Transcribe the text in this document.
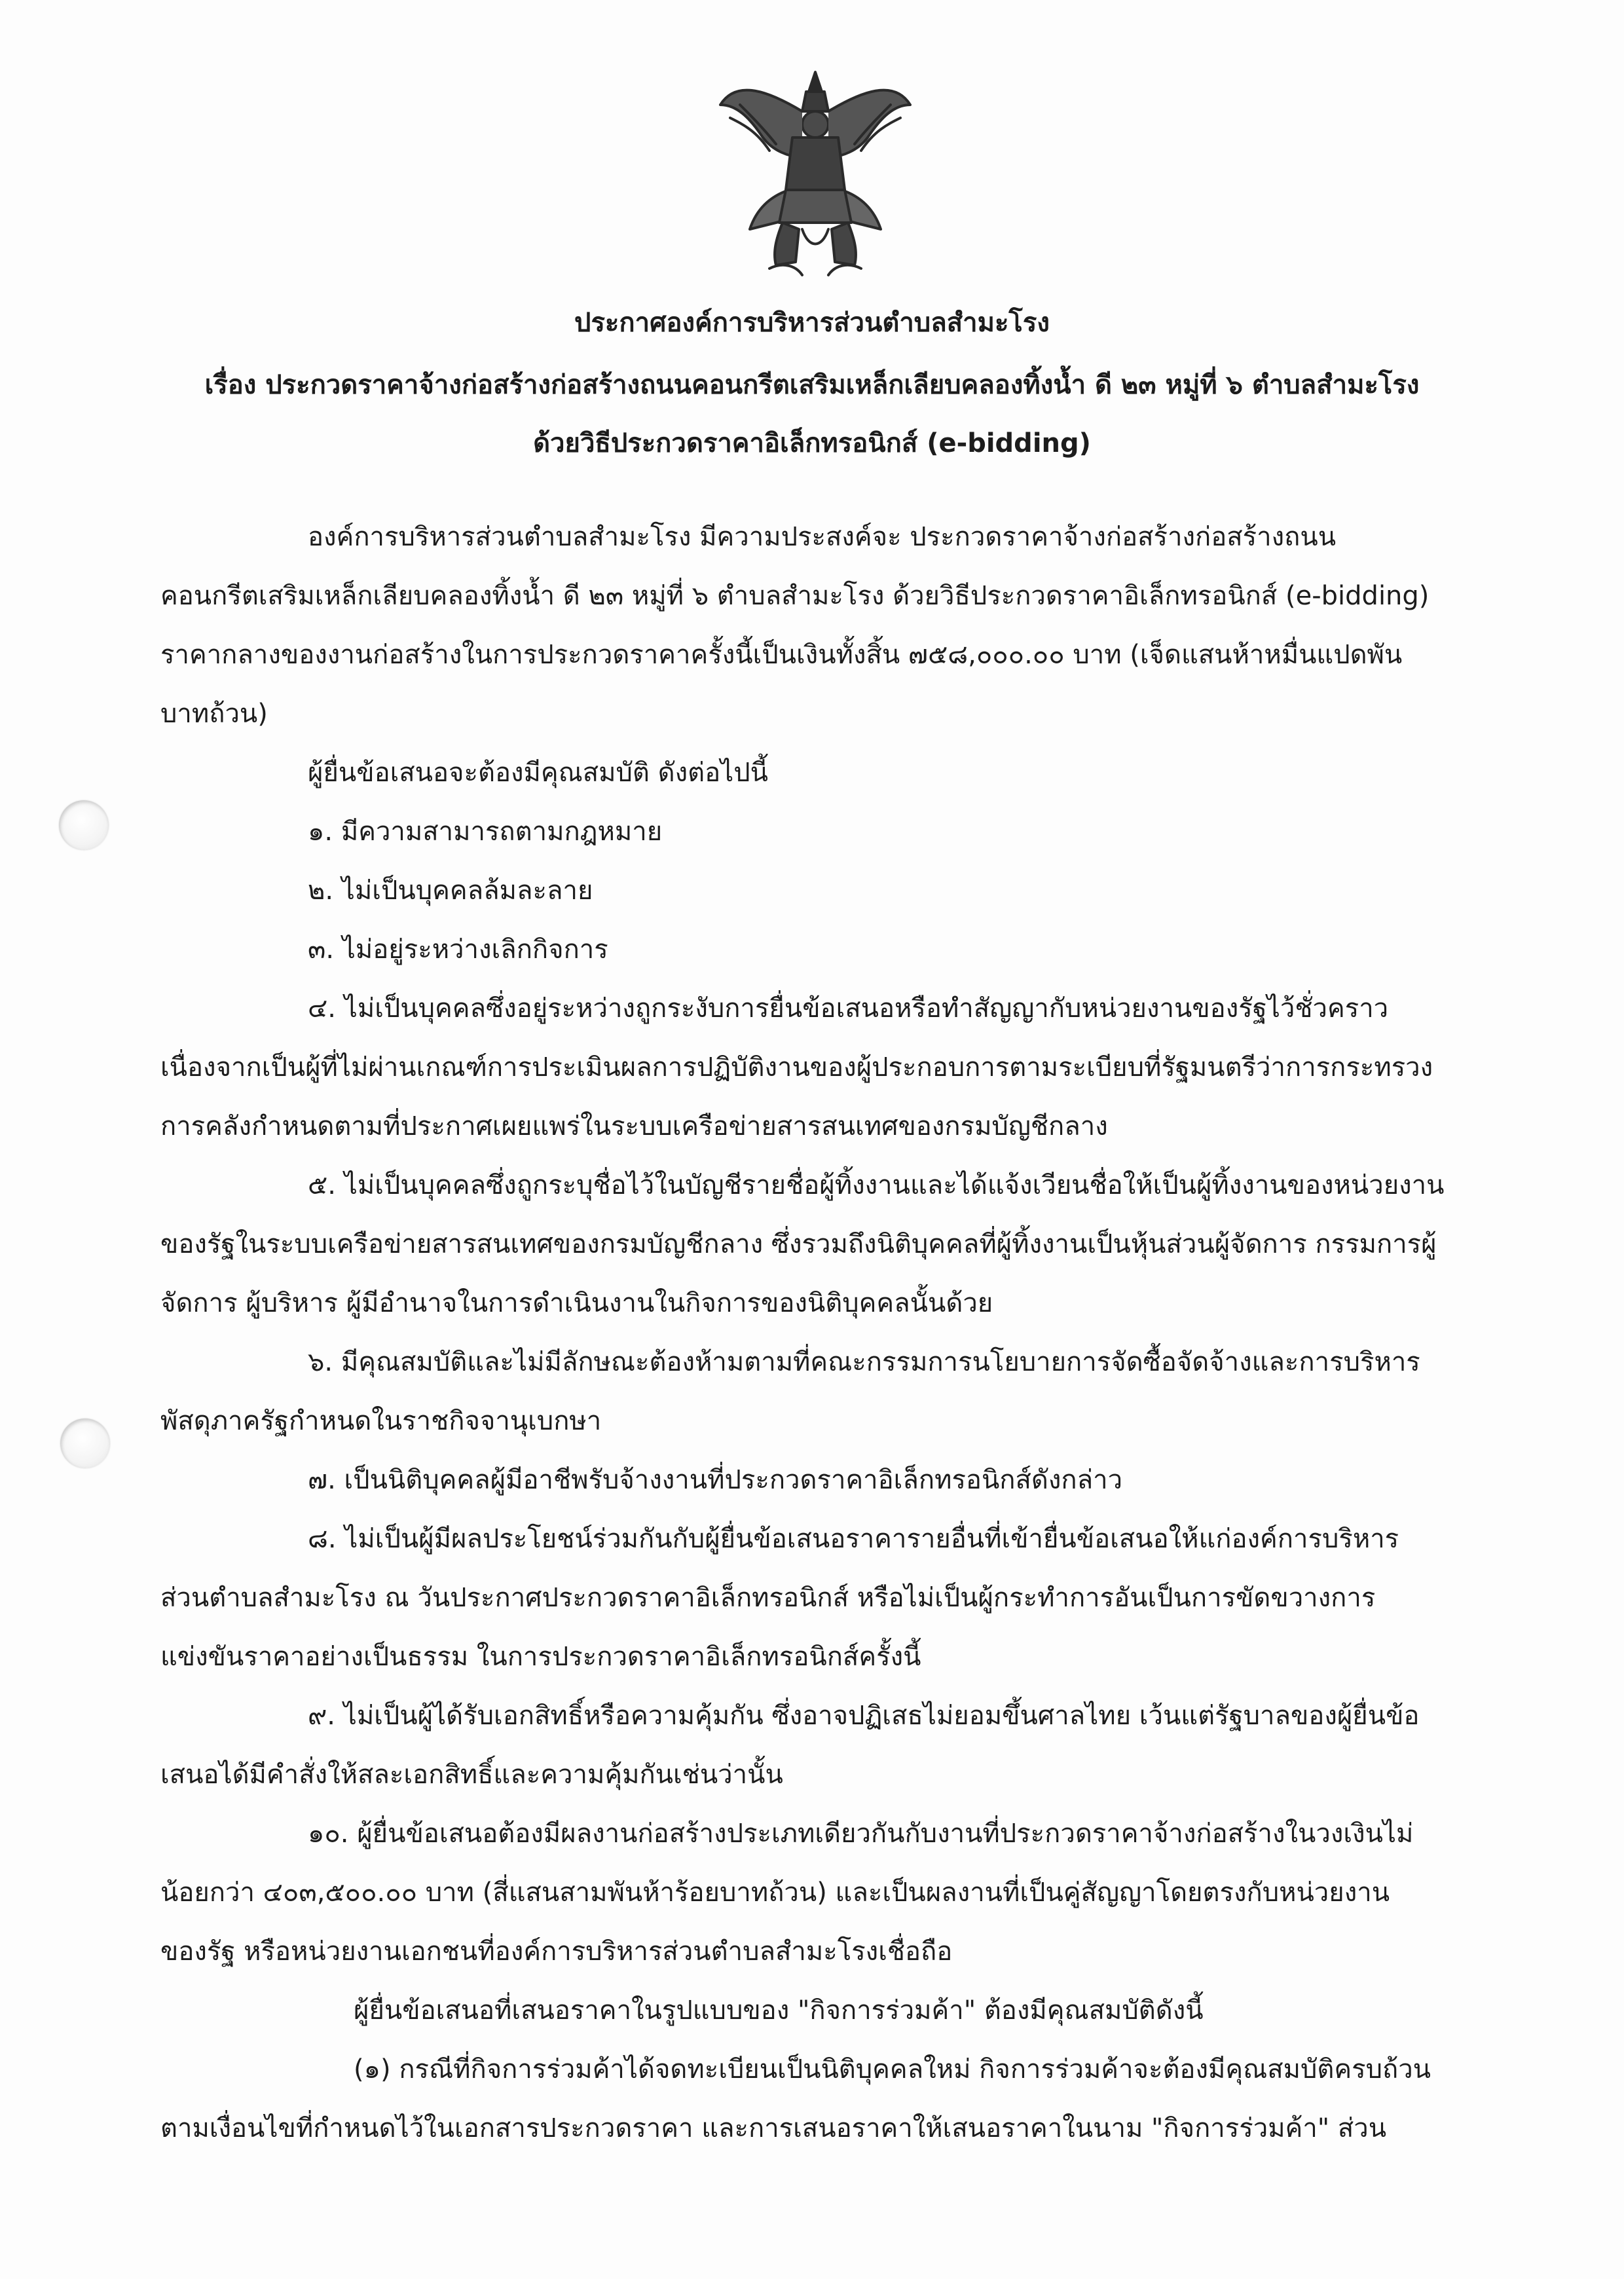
ประกาศองค์การบริหารส่วนตำบลสำมะโรง
เรื่อง ประกวดราคาจ้างก่อสร้างก่อสร้างถนนคอนกรีตเสริมเหล็กเลียบคลองทิ้งน้ำ ดี ๒๓ หมู่ที่ ๖ ตำบลสำมะโรง
ด้วยวิธีประกวดราคาอิเล็กทรอนิกส์ (e-bidding)
องค์การบริหารส่วนตำบลสำมะโรง มีความประสงค์จะ ประกวดราคาจ้างก่อสร้างก่อสร้างถนน
คอนกรีตเสริมเหล็กเลียบคลองทิ้งน้ำ ดี ๒๓ หมู่ที่ ๖ ตำบลสำมะโรง ด้วยวิธีประกวดราคาอิเล็กทรอนิกส์ (e-bidding)
ราคากลางของงานก่อสร้างในการประกวดราคาครั้งนี้เป็นเงินทั้งสิ้น ๗๕๘,๐๐๐.๐๐ บาท (เจ็ดแสนห้าหมื่นแปดพัน
บาทถ้วน)
ผู้ยื่นข้อเสนอจะต้องมีคุณสมบัติ ดังต่อไปนี้
๑. มีความสามารถตามกฎหมาย
๒. ไม่เป็นบุคคลล้มละลาย
๓. ไม่อยู่ระหว่างเลิกกิจการ
๔. ไม่เป็นบุคคลซึ่งอยู่ระหว่างถูกระงับการยื่นข้อเสนอหรือทำสัญญากับหน่วยงานของรัฐไว้ชั่วคราว
เนื่องจากเป็นผู้ที่ไม่ผ่านเกณฑ์การประเมินผลการปฏิบัติงานของผู้ประกอบการตามระเบียบที่รัฐมนตรีว่าการกระทรวง
การคลังกำหนดตามที่ประกาศเผยแพร่ในระบบเครือข่ายสารสนเทศของกรมบัญชีกลาง
๕. ไม่เป็นบุคคลซึ่งถูกระบุชื่อไว้ในบัญชีรายชื่อผู้ทิ้งงานและได้แจ้งเวียนชื่อให้เป็นผู้ทิ้งงานของหน่วยงาน
ของรัฐในระบบเครือข่ายสารสนเทศของกรมบัญชีกลาง ซึ่งรวมถึงนิติบุคคลที่ผู้ทิ้งงานเป็นหุ้นส่วนผู้จัดการ กรรมการผู้
จัดการ ผู้บริหาร ผู้มีอำนาจในการดำเนินงานในกิจการของนิติบุคคลนั้นด้วย
๖. มีคุณสมบัติและไม่มีลักษณะต้องห้ามตามที่คณะกรรมการนโยบายการจัดซื้อจัดจ้างและการบริหาร
พัสดุภาครัฐกำหนดในราชกิจจานุเบกษา
๗. เป็นนิติบุคคลผู้มีอาชีพรับจ้างงานที่ประกวดราคาอิเล็กทรอนิกส์ดังกล่าว
๘. ไม่เป็นผู้มีผลประโยชน์ร่วมกันกับผู้ยื่นข้อเสนอราคารายอื่นที่เข้ายื่นข้อเสนอให้แก่องค์การบริหาร
ส่วนตำบลสำมะโรง ณ วันประกาศประกวดราคาอิเล็กทรอนิกส์ หรือไม่เป็นผู้กระทำการอันเป็นการขัดขวางการ
แข่งขันราคาอย่างเป็นธรรม ในการประกวดราคาอิเล็กทรอนิกส์ครั้งนี้
๙. ไม่เป็นผู้ได้รับเอกสิทธิ์หรือความคุ้มกัน ซึ่งอาจปฏิเสธไม่ยอมขึ้นศาลไทย เว้นแต่รัฐบาลของผู้ยื่นข้อ
เสนอได้มีคำสั่งให้สละเอกสิทธิ์และความคุ้มกันเช่นว่านั้น
๑๐. ผู้ยื่นข้อเสนอต้องมีผลงานก่อสร้างประเภทเดียวกันกับงานที่ประกวดราคาจ้างก่อสร้างในวงเงินไม่
น้อยกว่า ๔๐๓,๕๐๐.๐๐ บาท (สี่แสนสามพันห้าร้อยบาทถ้วน) และเป็นผลงานที่เป็นคู่สัญญาโดยตรงกับหน่วยงาน
ของรัฐ หรือหน่วยงานเอกชนที่องค์การบริหารส่วนตำบลสำมะโรงเชื่อถือ
ผู้ยื่นข้อเสนอที่เสนอราคาในรูปแบบของ "กิจการร่วมค้า" ต้องมีคุณสมบัติดังนี้
(๑) กรณีที่กิจการร่วมค้าได้จดทะเบียนเป็นนิติบุคคลใหม่ กิจการร่วมค้าจะต้องมีคุณสมบัติครบถ้วน
ตามเงื่อนไขที่กำหนดไว้ในเอกสารประกวดราคา และการเสนอราคาให้เสนอราคาในนาม "กิจการร่วมค้า" ส่วน
